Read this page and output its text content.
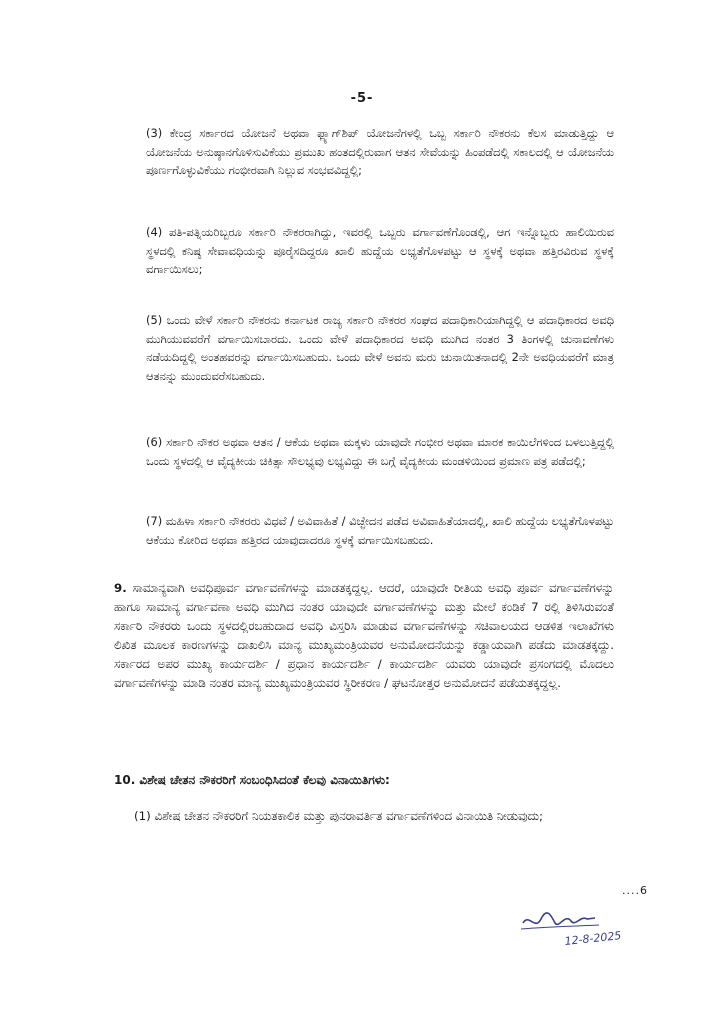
-5-

(3) ಕೇಂದ್ರ ಸರ್ಕಾರದ ಯೋಜನೆ ಅಥವಾ ಫ್ಲ್ಯಾಗ್‌ಶಿಪ್ ಯೋಜನೆಗಳಲ್ಲಿ ಒಬ್ಬ ಸರ್ಕಾರಿ ನೌಕರನು ಕೆಲಸ ಮಾಡುತ್ತಿದ್ದು ಆ ಯೋಜನೆಯ ಅನುಷ್ಠಾನಗೊಳಿಸುವಿಕೆಯು ಪ್ರಮುಖ ಹಂತದಲ್ಲಿರುವಾಗ ಆತನ ಸೇವೆಯನ್ನು ಹಿಂಪಡೆದಲ್ಲಿ ಸಕಾಲದಲ್ಲಿ ಆ ಯೋಜನೆಯ ಪೂರ್ಣಗೊಳ್ಳುವಿಕೆಯು ಗಂಭೀರವಾಗಿ ನಿಲ್ಲುವ ಸಂಭವವಿದ್ದಲ್ಲಿ;

(4) ಪತಿ-ಪತ್ನಿಯರಿಬ್ಬರೂ ಸರ್ಕಾರಿ ನೌಕರರಾಗಿದ್ದು, ಇವರಲ್ಲಿ ಒಬ್ಬರು ವರ್ಗಾವಣೆಗೊಂಡಲ್ಲಿ, ಆಗ ಇನ್ನೊಬ್ಬರು ಹಾಲಿಯಿರುವ ಸ್ಥಳದಲ್ಲಿ ಕನಿಷ್ಠ ಸೇವಾವಧಿಯನ್ನು ಪೂರೈಸದಿದ್ದರೂ ಖಾಲಿ ಹುದ್ದೆಯ ಲಭ್ಯತೆಗೊಳಪಟ್ಟು ಆ ಸ್ಥಳಕ್ಕೆ ಅಥವಾ ಹತ್ತಿರವಿರುವ ಸ್ಥಳಕ್ಕೆ ವರ್ಗಾಯಿಸಲು;

(5) ಒಂದು ವೇಳೆ ಸರ್ಕಾರಿ ನೌಕರನು ಕರ್ನಾಟಕ ರಾಜ್ಯ ಸರ್ಕಾರಿ ನೌಕರರ ಸಂಘದ ಪದಾಧಿಕಾರಿಯಾಗಿದ್ದಲ್ಲಿ ಆ ಪದಾಧಿಕಾರದ ಅವಧಿ ಮುಗಿಯುವವರೆಗೆ ವರ್ಗಾಯಿಸಬಾರದು. ಒಂದು ವೇಳೆ ಪದಾಧಿಕಾರದ ಅವಧಿ ಮುಗಿದ ನಂತರ 3 ತಿಂಗಳಲ್ಲಿ ಚುನಾವಣೆಗಳು ನಡೆಯದಿದ್ದಲ್ಲಿ ಅಂತಹವರನ್ನು ವರ್ಗಾಯಿಸಬಹುದು. ಒಂದು ವೇಳೆ ಅವನು ಮರು ಚುನಾಯಿತನಾದಲ್ಲಿ 2ನೇ ಅವಧಿಯವರೆಗೆ ಮಾತ್ರ ಆತನನ್ನು ಮುಂದುವರೆಸಬಹುದು.

(6) ಸರ್ಕಾರಿ ನೌಕರ ಅಥವಾ ಆತನ / ಆಕೆಯ ಅಥವಾ ಮಕ್ಕಳು ಯಾವುದೇ ಗಂಭೀರ ಅಥವಾ ಮಾರಕ ಕಾಯಿಲೆಗಳಿಂದ ಬಳಲುತ್ತಿದ್ದಲ್ಲಿ ಒಂದು ಸ್ಥಳದಲ್ಲಿ ಆ ವೈದ್ಯಕೀಯ ಚಿಕಿತ್ಸಾ ಸೌಲಭ್ಯವು ಲಭ್ಯವಿದ್ದು ಈ ಬಗ್ಗೆ ವೈದ್ಯಕೀಯ ಮಂಡಳಿಯಿಂದ ಪ್ರಮಾಣ ಪತ್ರ ಪಡೆದಲ್ಲಿ;

(7) ಮಹಿಳಾ ಸರ್ಕಾರಿ ನೌಕರರು ವಿಧವೆ / ಅವಿವಾಹಿತೆ / ವಿಚ್ಛೇದನ ಪಡೆದ ಅವಿವಾಹಿತೆಯಾದಲ್ಲಿ, ಖಾಲಿ ಹುದ್ದೆಯ ಲಭ್ಯತೆಗೊಳಪಟ್ಟು ಆಕೆಯು ಕೋರಿದ ಅಥವಾ ಹತ್ತಿರದ ಯಾವುದಾದರೂ ಸ್ಥಳಕ್ಕೆ ವರ್ಗಾಯಿಸಬಹುದು.

9. ಸಾಮಾನ್ಯವಾಗಿ ಅವಧಿಪೂರ್ವ ವರ್ಗಾವಣೆಗಳನ್ನು ಮಾಡತಕ್ಕದ್ದಲ್ಲ. ಆದರೆ, ಯಾವುದೇ ರೀತಿಯ ಅವಧಿ ಪೂರ್ವ ವರ್ಗಾವಣೆಗಳನ್ನು ಹಾಗೂ ಸಾಮಾನ್ಯ ವರ್ಗಾವಣಾ ಅವಧಿ ಮುಗಿದ ನಂತರ ಯಾವುದೇ ವರ್ಗಾವಣೆಗಳನ್ನು ಮತ್ತು ಮೇಲೆ ಕಂಡಿಕೆ 7 ರಲ್ಲಿ ತಿಳಿಸಿರುವಂತೆ ಸರ್ಕಾರಿ ನೌಕರರು ಒಂದು ಸ್ಥಳದಲ್ಲಿರಬಹುದಾದ ಅವಧಿ ವಿಸ್ತರಿಸಿ ಮಾಡುವ ವರ್ಗಾವಣೆಗಳನ್ನು ಸಚಿವಾಲಯದ ಆಡಳಿತ ಇಲಾಖೆಗಳು ಲಿಖಿತ ಮೂಲಕ ಕಾರಣಗಳನ್ನು ದಾಖಲಿಸಿ ಮಾನ್ಯ ಮುಖ್ಯಮಂತ್ರಿಯವರ ಅನುಮೋದನೆಯನ್ನು ಕಡ್ಡಾಯವಾಗಿ ಪಡೆದು ಮಾಡತಕ್ಕದ್ದು. ಸರ್ಕಾರದ ಅಪರ ಮುಖ್ಯ ಕಾರ್ಯದರ್ಶಿ / ಪ್ರಧಾನ ಕಾರ್ಯದರ್ಶಿ / ಕಾರ್ಯದರ್ಶಿ ಯವರು ಯಾವುದೇ ಪ್ರಸಂಗದಲ್ಲಿ ಮೊದಲು ವರ್ಗಾವಣೆಗಳನ್ನು ಮಾಡಿ ನಂತರ ಮಾನ್ಯ ಮುಖ್ಯಮಂತ್ರಿಯವರ ಸ್ಥಿರೀಕರಣ / ಘಟನೋತ್ತರ ಅನುಮೋದನೆ ಪಡೆಯತಕ್ಕದ್ದಲ್ಲ.

10. ವಿಶೇಷ ಚೇತನ ನೌಕರರಿಗೆ ಸಂಬಂಧಿಸಿದಂತೆ ಕೆಲವು ವಿನಾಯಿತಿಗಳು:

(1) ವಿಶೇಷ ಚೇತನ ನೌಕರರಿಗೆ ನಿಯತಕಾಲಿಕ ಮತ್ತು ಪುನರಾವರ್ತಿತ ವರ್ಗಾವಣೆಗಳಿಂದ ವಿನಾಯಿತಿ ನೀಡುವುದು;

....6
12-8-2025
